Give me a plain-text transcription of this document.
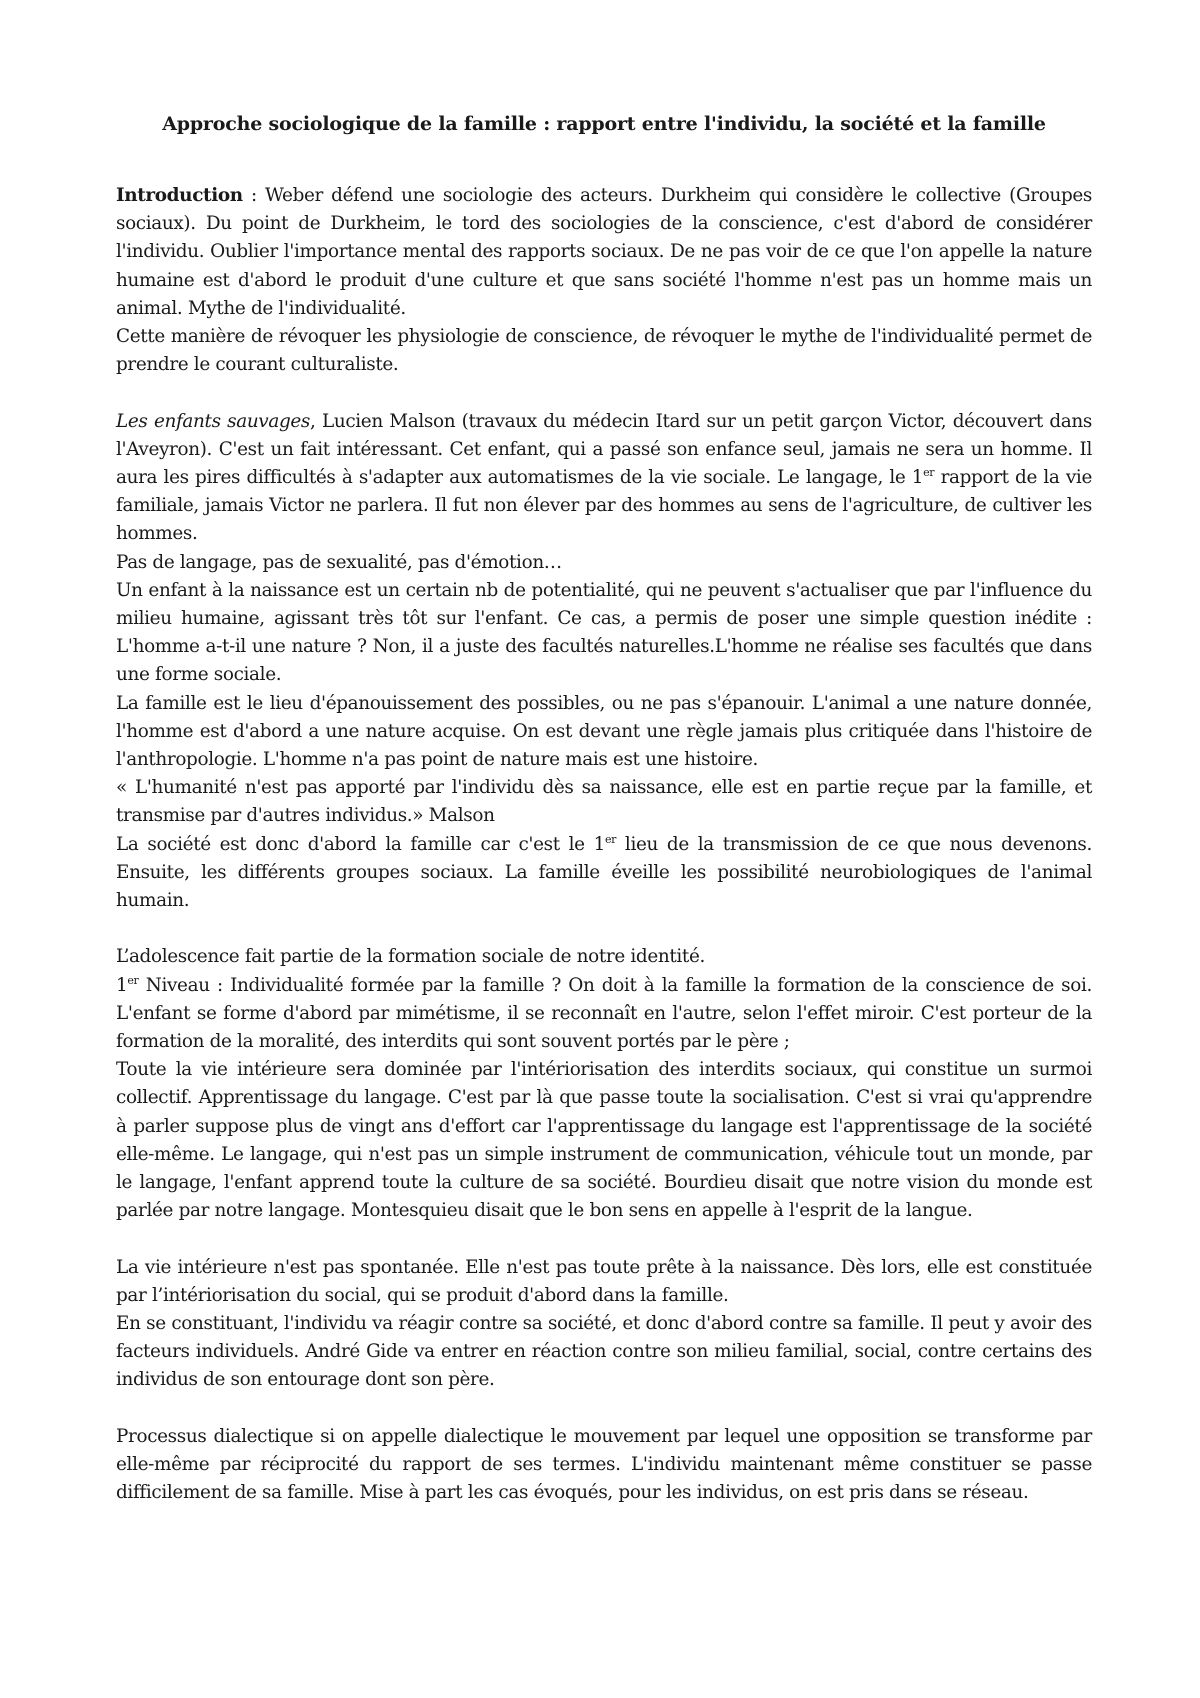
Approche sociologique de la famille : rapport entre l'individu, la société et la famille

Introduction : Weber défend une sociologie des acteurs. Durkheim qui considère le collective (Groupes sociaux). Du point de Durkheim, le tord des sociologies de la conscience, c'est d'abord de considérer l'individu. Oublier l'importance mental des rapports sociaux. De ne pas voir de ce que l'on appelle la nature humaine est d'abord le produit d'une culture et que sans société l'homme n'est pas un homme mais un animal. Mythe de l'individualité.

Cette manière de révoquer les physiologie de conscience, de révoquer le mythe de l'individualité permet de prendre le courant culturaliste.

Les enfants sauvages, Lucien Malson (travaux du médecin Itard sur un petit garçon Victor, découvert dans l'Aveyron). C'est un fait intéressant. Cet enfant, qui a passé son enfance seul, jamais ne sera un homme. Il aura les pires difficultés à s'adapter aux automatismes de la vie sociale. Le langage, le 1er rapport de la vie familiale, jamais Victor ne parlera. Il fut non élever par des hommes au sens de l'agriculture, de cultiver les hommes.

Pas de langage, pas de sexualité, pas d'émotion…

Un enfant à la naissance est un certain nb de potentialité, qui ne peuvent s'actualiser que par l'influence du milieu humaine, agissant très tôt sur l'enfant. Ce cas, a permis de poser une simple question inédite : L'homme a-t-il une nature ? Non, il a juste des facultés naturelles.L'homme ne réalise ses facultés que dans une forme sociale.

La famille est le lieu d'épanouissement des possibles, ou ne pas s'épanouir. L'animal a une nature donnée, l'homme est d'abord a une nature acquise. On est devant une règle jamais plus critiquée dans l'histoire de l'anthropologie. L'homme n'a pas point de nature mais est une histoire.

« L'humanité n'est pas apporté par l'individu dès sa naissance, elle est en partie reçue par la famille, et transmise par d'autres individus.» Malson

La société est donc d'abord la famille car c'est le 1er lieu de la transmission de ce que nous devenons. Ensuite, les différents groupes sociaux. La famille éveille les possibilité neurobiologiques de l'animal humain.

L’adolescence fait partie de la formation sociale de notre identité.

1er Niveau : Individualité formée par la famille ? On doit à la famille la formation de la conscience de soi. L'enfant se forme d'abord par mimétisme, il se reconnaît en l'autre, selon l'effet miroir. C'est porteur de la formation de la moralité, des interdits qui sont souvent portés par le père ;

Toute la vie intérieure sera dominée par l'intériorisation des interdits sociaux, qui constitue un surmoi collectif. Apprentissage du langage. C'est par là que passe toute la socialisation. C'est si vrai qu'apprendre à parler suppose plus de vingt ans d'effort car l'apprentissage du langage est l'apprentissage de la société elle-même. Le langage, qui n'est pas un simple instrument de communication, véhicule tout un monde, par le langage, l'enfant apprend toute la culture de sa société. Bourdieu disait que notre vision du monde est parlée par notre langage. Montesquieu disait que le bon sens en appelle à l'esprit de la langue.

La vie intérieure n'est pas spontanée. Elle n'est pas toute prête à la naissance. Dès lors, elle est constituée par l’intériorisation du social, qui se produit d'abord dans la famille.

En se constituant, l'individu va réagir contre sa société, et donc d'abord contre sa famille. Il peut y avoir des facteurs individuels. André Gide va entrer en réaction contre son milieu familial, social, contre certains des individus de son entourage dont son père.

Processus dialectique si on appelle dialectique le mouvement par lequel une opposition se transforme par elle-même par réciprocité du rapport de ses termes. L'individu maintenant même constituer se passe difficilement de sa famille. Mise à part les cas évoqués, pour les individus, on est pris dans se réseau.
